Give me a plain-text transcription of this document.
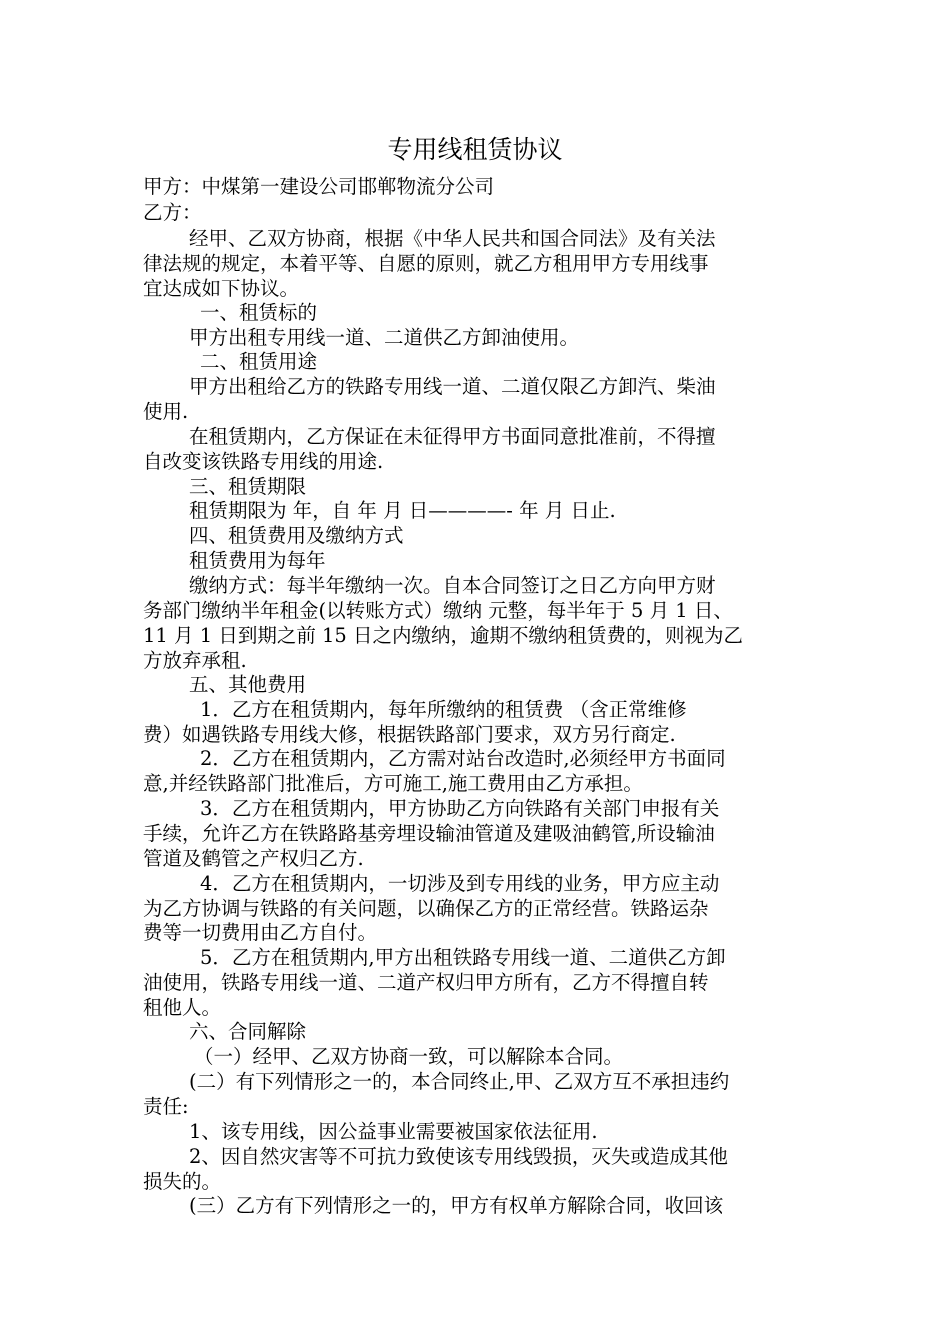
专用线租赁协议
甲方：中煤第一建设公司邯郸物流分公司
乙方：
经甲、乙双方协商，根据《中华人民共和国合同法》及有关法
律法规的规定，本着平等、自愿的原则，就乙方租用甲方专用线事
宜达成如下协议。
一、租赁标的
甲方出租专用线一道、二道供乙方卸油使用。
二、租赁用途
甲方出租给乙方的铁路专用线一道、二道仅限乙方卸汽、柴油
使用.
在租赁期内，乙方保证在未征得甲方书面同意批准前，不得擅
自改变该铁路专用线的用途.
三、租赁期限
租赁期限为 年，自 年 月 日————- 年 月 日止.
四、租赁费用及缴纳方式
租赁费用为每年
缴纳方式：每半年缴纳一次。自本合同签订之日乙方向甲方财
务部门缴纳半年租金(以转账方式）缴纳 元整，每半年于 5 月 1 日、
11 月 1 日到期之前 15 日之内缴纳，逾期不缴纳租赁费的，则视为乙
方放弃承租.
五、其他费用
1．乙方在租赁期内，每年所缴纳的租赁费 （含正常维修
费）如遇铁路专用线大修，根据铁路部门要求，双方另行商定.
2．乙方在租赁期内，乙方需对站台改造时,必须经甲方书面同
意,并经铁路部门批准后，方可施工,施工费用由乙方承担。
3．乙方在租赁期内，甲方协助乙方向铁路有关部门申报有关
手续，允许乙方在铁路路基旁埋设输油管道及建吸油鹤管,所设输油
管道及鹤管之产权归乙方.
4．乙方在租赁期内，一切涉及到专用线的业务，甲方应主动
为乙方协调与铁路的有关问题，以确保乙方的正常经营。铁路运杂
费等一切费用由乙方自付。
5．乙方在租赁期内,甲方出租铁路专用线一道、二道供乙方卸
油使用，铁路专用线一道、二道产权归甲方所有，乙方不得擅自转
租他人。
六、合同解除
（一）经甲、乙双方协商一致，可以解除本合同。
(二）有下列情形之一的，本合同终止,甲、乙双方互不承担违约
责任:
1、该专用线，因公益事业需要被国家依法征用.
2、因自然灾害等不可抗力致使该专用线毁损，灭失或造成其他
损失的。
(三）乙方有下列情形之一的，甲方有权单方解除合同，收回该
